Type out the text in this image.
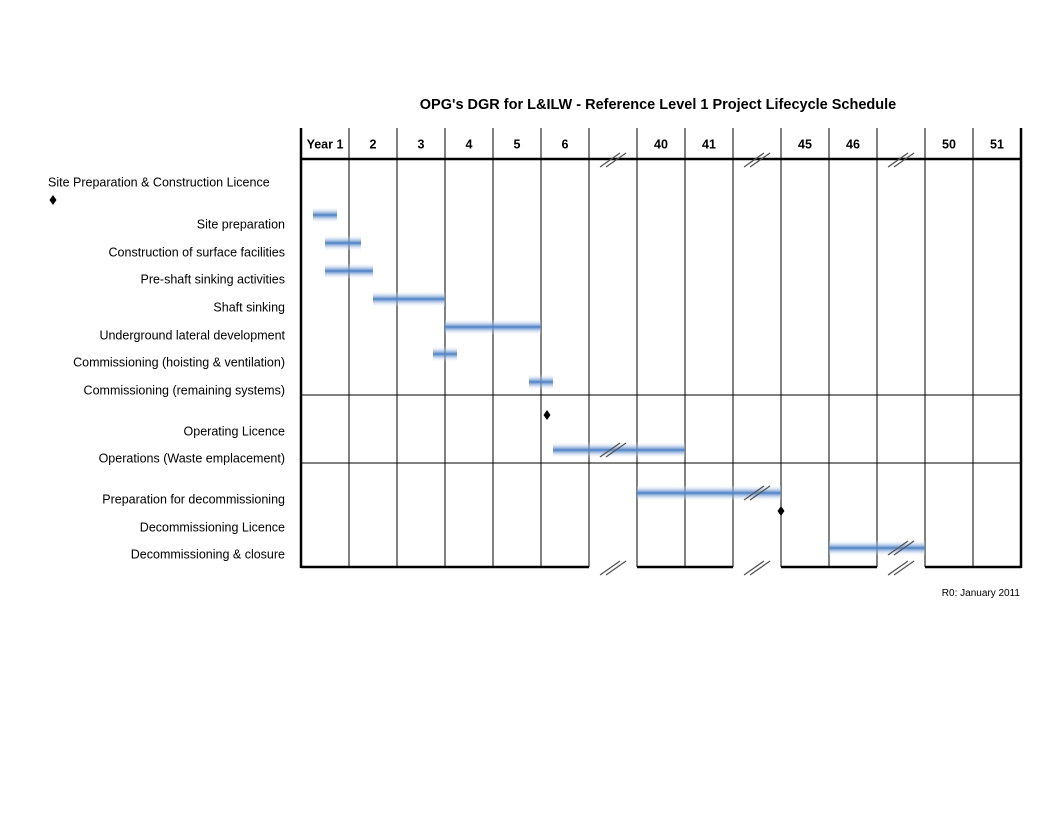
OPG's DGR for L&ILW - Reference Level 1 Project Lifecycle Schedule
Year 1 2	3	4	5	6	40	41	45	46	50	51
Site Preparation & Construction Licence
Site preparation
Construction of surface facilities
Pre-shaft sinking activities
Shaft sinking
Underground lateral development
Commissioning (hoisting & ventilation)
Commissioning (remaining systems)
Operating Licence
Operations (Waste emplacement)
Preparation for decommissioning
Decommissioning Licence
Decommissioning & closure
R0: January 2011
